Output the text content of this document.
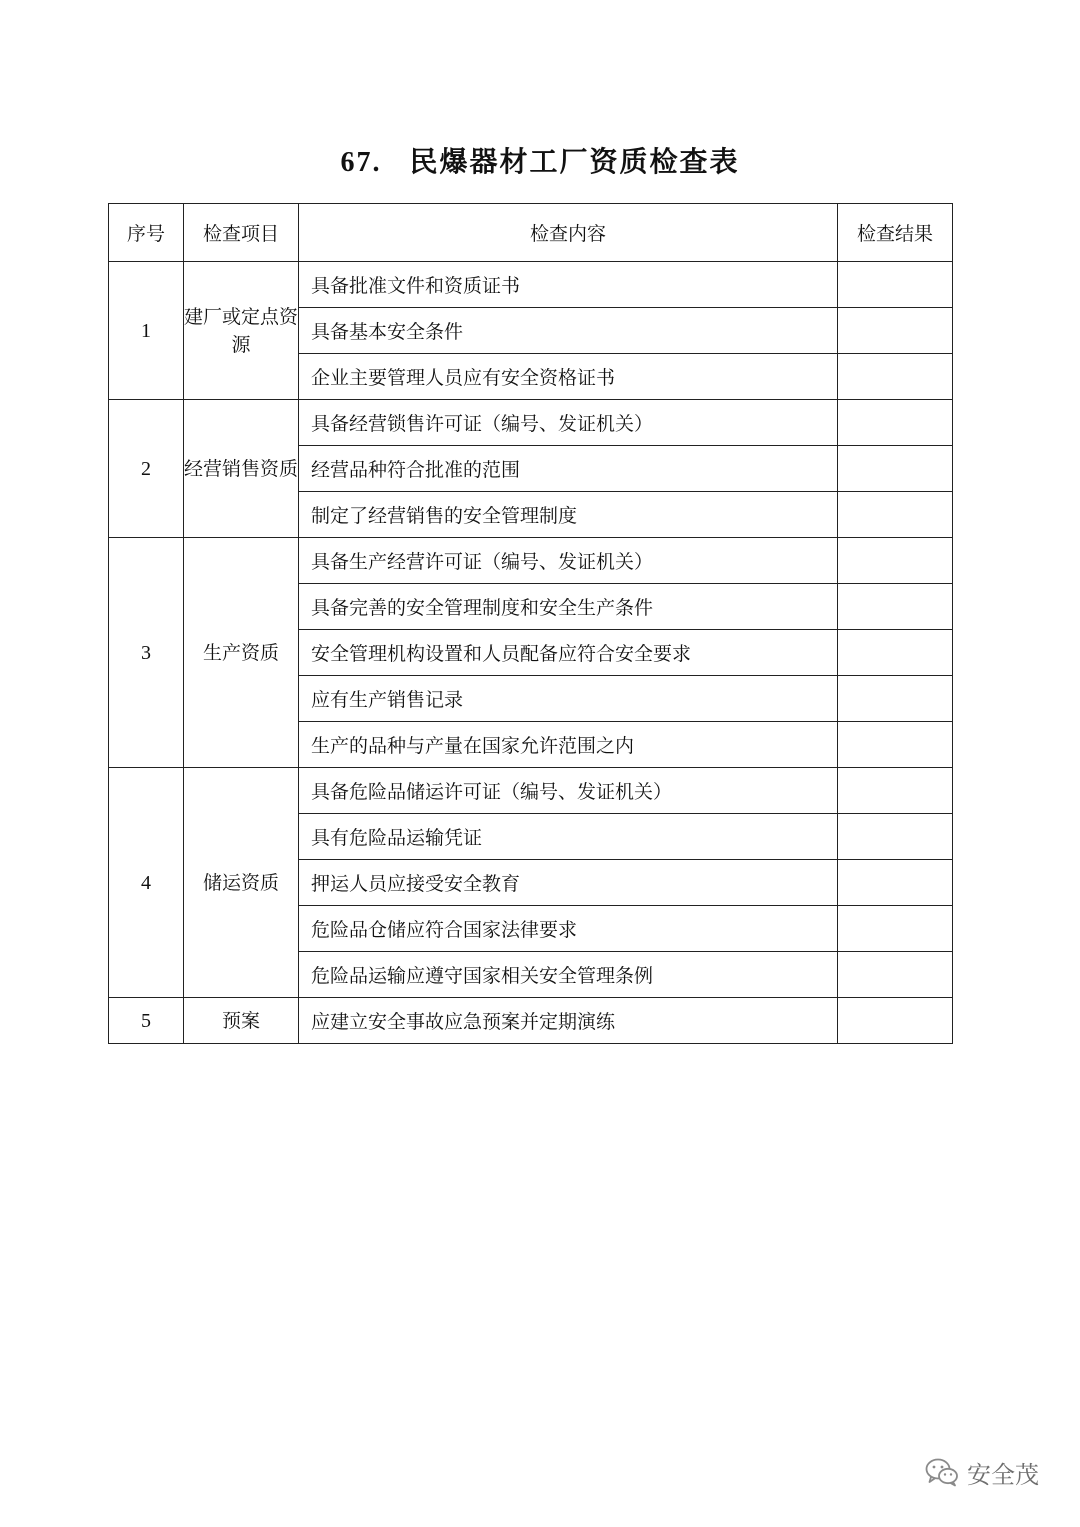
67. 民爆器材工厂资质检查表
序号	检查项目	检查内容	检查结果
1	建厂或定点资源	具备批准文件和资质证书	
		具备基本安全条件	
		企业主要管理人员应有安全资格证书	
2	经营销售资质	具备经营锁售许可证（编号、发证机关）	
		经营品种符合批准的范围	
		制定了经营销售的安全管理制度	
3	生产资质	具备生产经营许可证（编号、发证机关）	
		具备完善的安全管理制度和安全生产条件	
		安全管理机构设置和人员配备应符合安全要求	
		应有生产销售记录	
		生产的品种与产量在国家允许范围之内	
4	储运资质	具备危险品储运许可证（编号、发证机关）	
		具有危险品运输凭证	
		押运人员应接受安全教育	
		危险品仓储应符合国家法律要求	
		危险品运输应遵守国家相关安全管理条例	
5	预案	应建立安全事故应急预案并定期演练	
安全茂
